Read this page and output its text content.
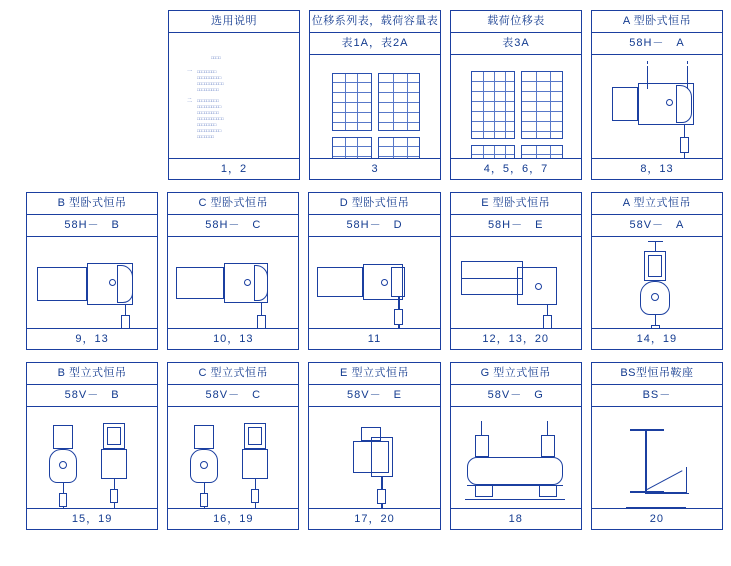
选用说明
□□□□
一 □□□□□□□□
□□□□□□□□□□
□□□□□□□□□□□
□□□□□□□□□
二 □□□□□□□□□
□□□□□□□□□□
□□□□□□□□□
□□□□□□□□□□□
□□□□□□□□
□□□□□□□□□□
□□□□□□□
1，2
位移系列表，载荷容量表
表1A，表2A
3
载荷位移表
表3A
4，5，6，7
A 型卧式恒吊
58H－　A
8，13
B 型卧式恒吊
58H－　B
9，13
C 型卧式恒吊
58H－　C
10，13
D 型卧式恒吊
58H－　D
11
E 型卧式恒吊
58H－　E
12，13，20
A 型立式恒吊
58V－　A
14，19
B 型立式恒吊
58V－　B
15，19
C 型立式恒吊
58V－　C
16，19
E 型立式恒吊
58V－　E
17，20
G 型立式恒吊
58V－　G
18
BS型恒吊鞍座
BS－
20
